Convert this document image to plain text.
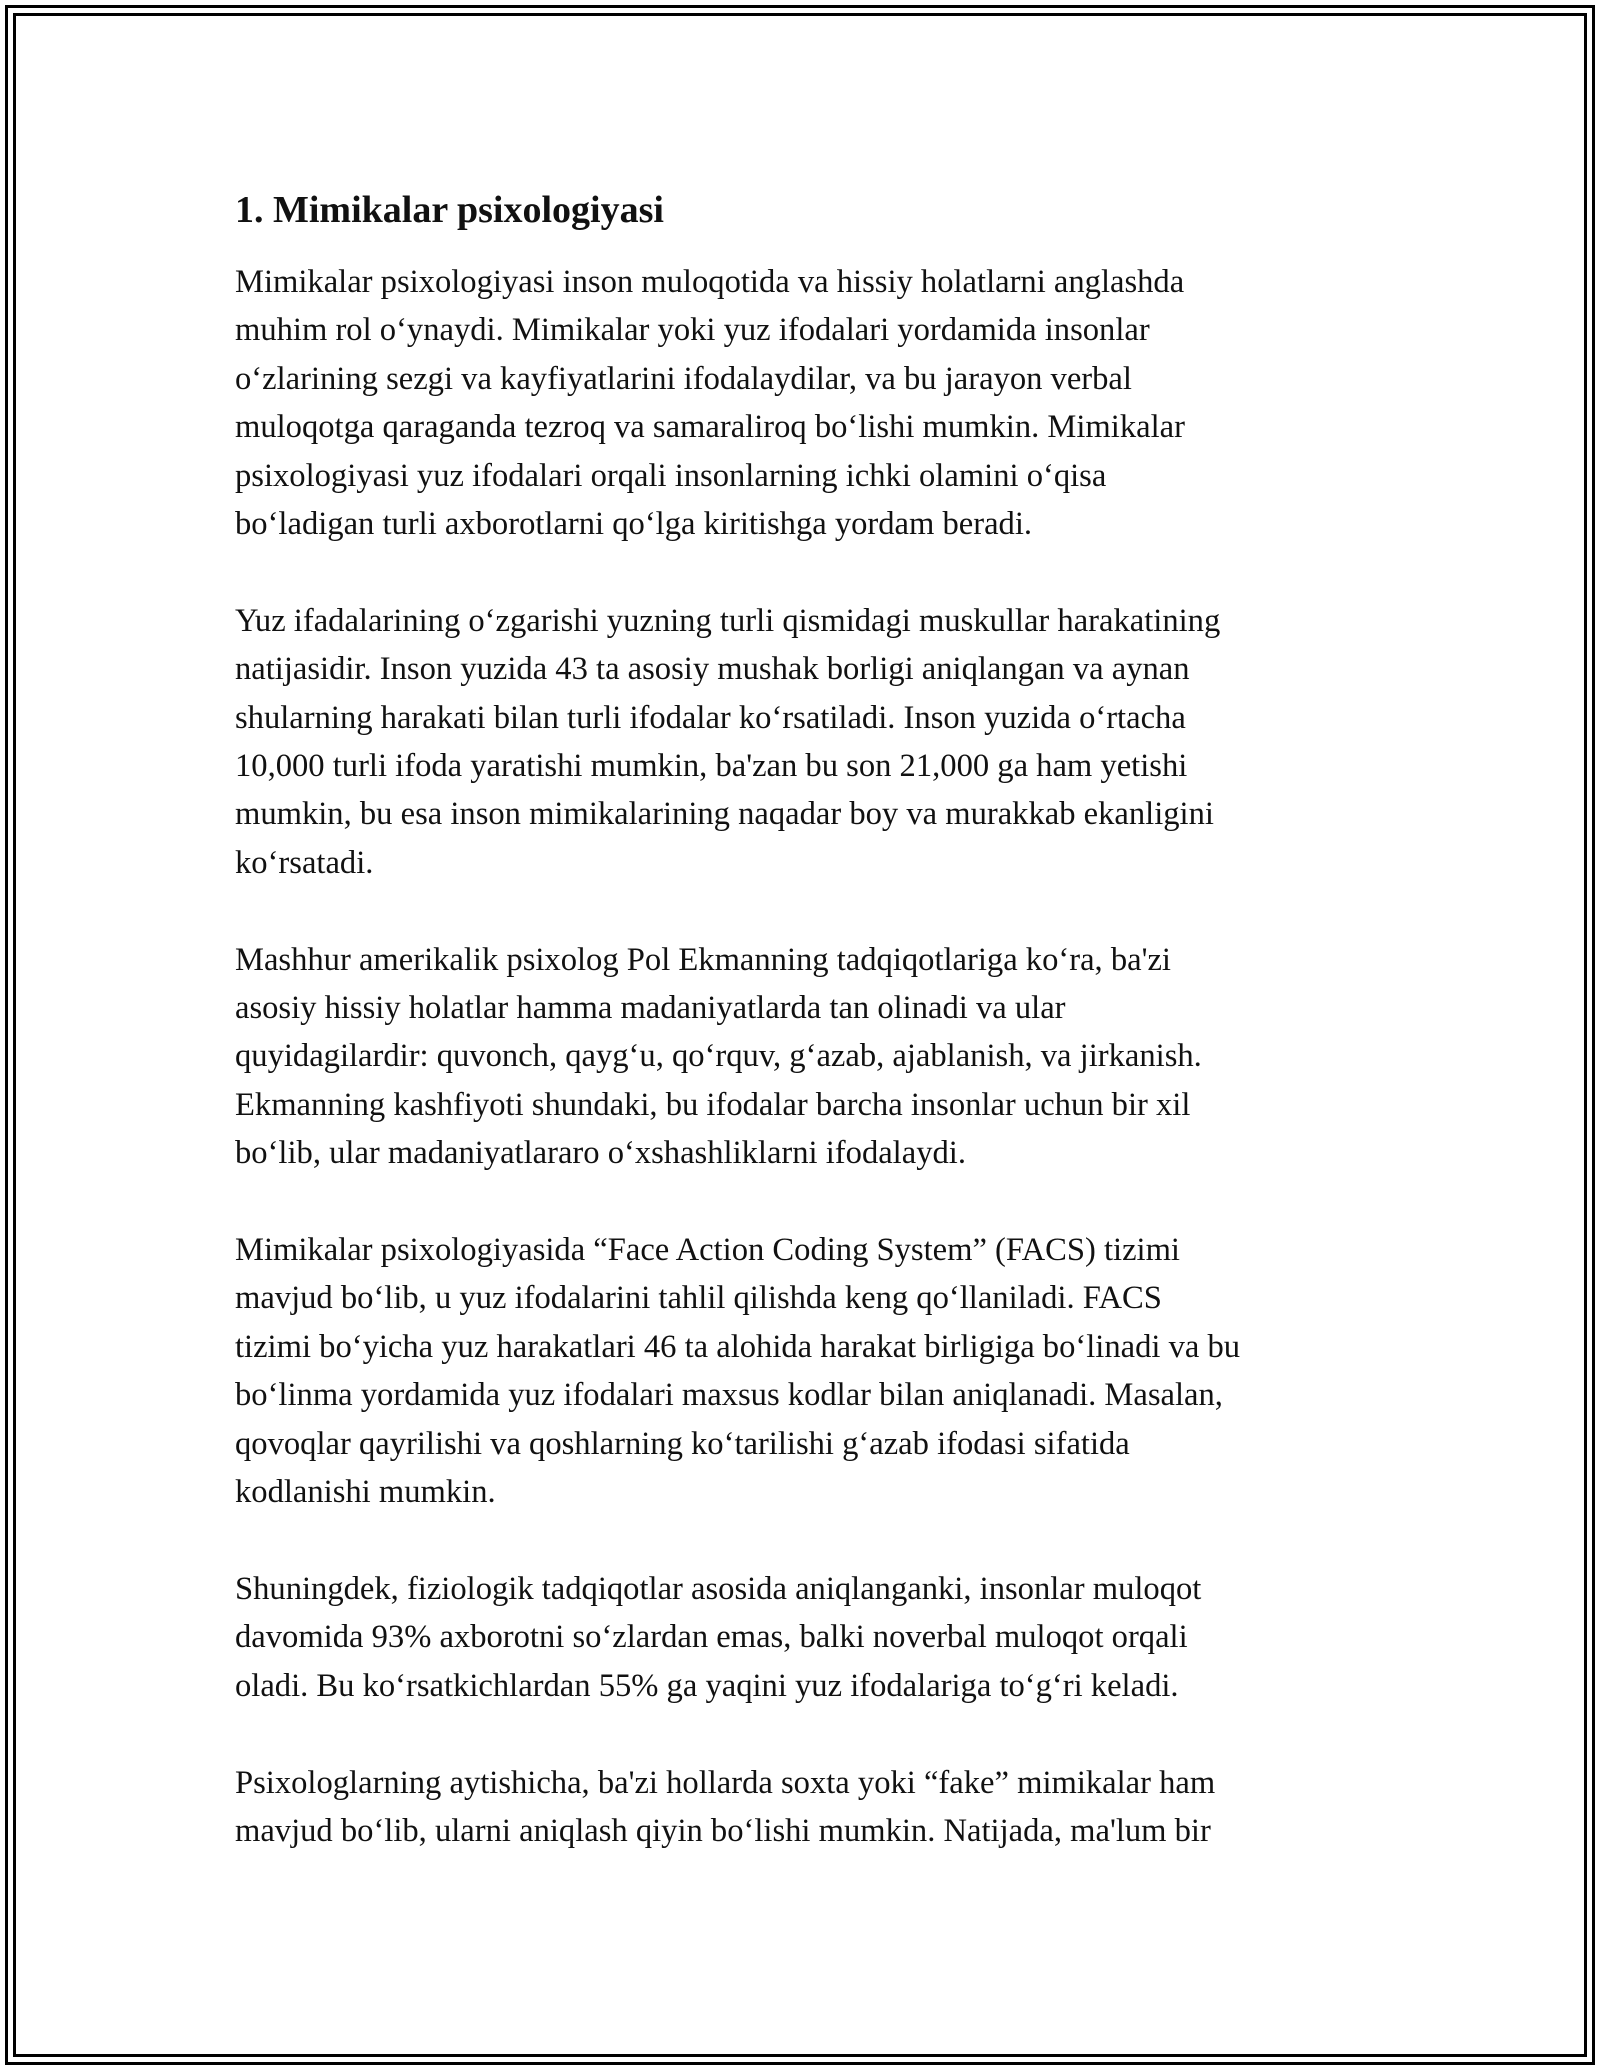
1. Mimikalar psixologiyasi
Mimikalar psixologiyasi inson muloqotida va hissiy holatlarni anglashda
muhim rol o‘ynaydi. Mimikalar yoki yuz ifodalari yordamida insonlar
o‘zlarining sezgi va kayfiyatlarini ifodalaydilar, va bu jarayon verbal
muloqotga qaraganda tezroq va samaraliroq bo‘lishi mumkin. Mimikalar
psixologiyasi yuz ifodalari orqali insonlarning ichki olamini o‘qisa
bo‘ladigan turli axborotlarni qo‘lga kiritishga yordam beradi.
Yuz ifadalarining o‘zgarishi yuzning turli qismidagi muskullar harakatining
natijasidir. Inson yuzida 43 ta asosiy mushak borligi aniqlangan va aynan
shularning harakati bilan turli ifodalar ko‘rsatiladi. Inson yuzida o‘rtacha
10,000 turli ifoda yaratishi mumkin, ba'zan bu son 21,000 ga ham yetishi
mumkin, bu esa inson mimikalarining naqadar boy va murakkab ekanligini
ko‘rsatadi.
Mashhur amerikalik psixolog Pol Ekmanning tadqiqotlariga ko‘ra, ba'zi
asosiy hissiy holatlar hamma madaniyatlarda tan olinadi va ular
quyidagilardir: quvonch, qayg‘u, qo‘rquv, g‘azab, ajablanish, va jirkanish.
Ekmanning kashfiyoti shundaki, bu ifodalar barcha insonlar uchun bir xil
bo‘lib, ular madaniyatlararo o‘xshashliklarni ifodalaydi.
Mimikalar psixologiyasida “Face Action Coding System” (FACS) tizimi
mavjud bo‘lib, u yuz ifodalarini tahlil qilishda keng qo‘llaniladi. FACS
tizimi bo‘yicha yuz harakatlari 46 ta alohida harakat birligiga bo‘linadi va bu
bo‘linma yordamida yuz ifodalari maxsus kodlar bilan aniqlanadi. Masalan,
qovoqlar qayrilishi va qoshlarning ko‘tarilishi g‘azab ifodasi sifatida
kodlanishi mumkin.
Shuningdek, fiziologik tadqiqotlar asosida aniqlanganki, insonlar muloqot
davomida 93% axborotni so‘zlardan emas, balki noverbal muloqot orqali
oladi. Bu ko‘rsatkichlardan 55% ga yaqini yuz ifodalariga to‘g‘ri keladi.
Psixologlarning aytishicha, ba'zi hollarda soxta yoki “fake” mimikalar ham
mavjud bo‘lib, ularni aniqlash qiyin bo‘lishi mumkin. Natijada, ma'lum bir
